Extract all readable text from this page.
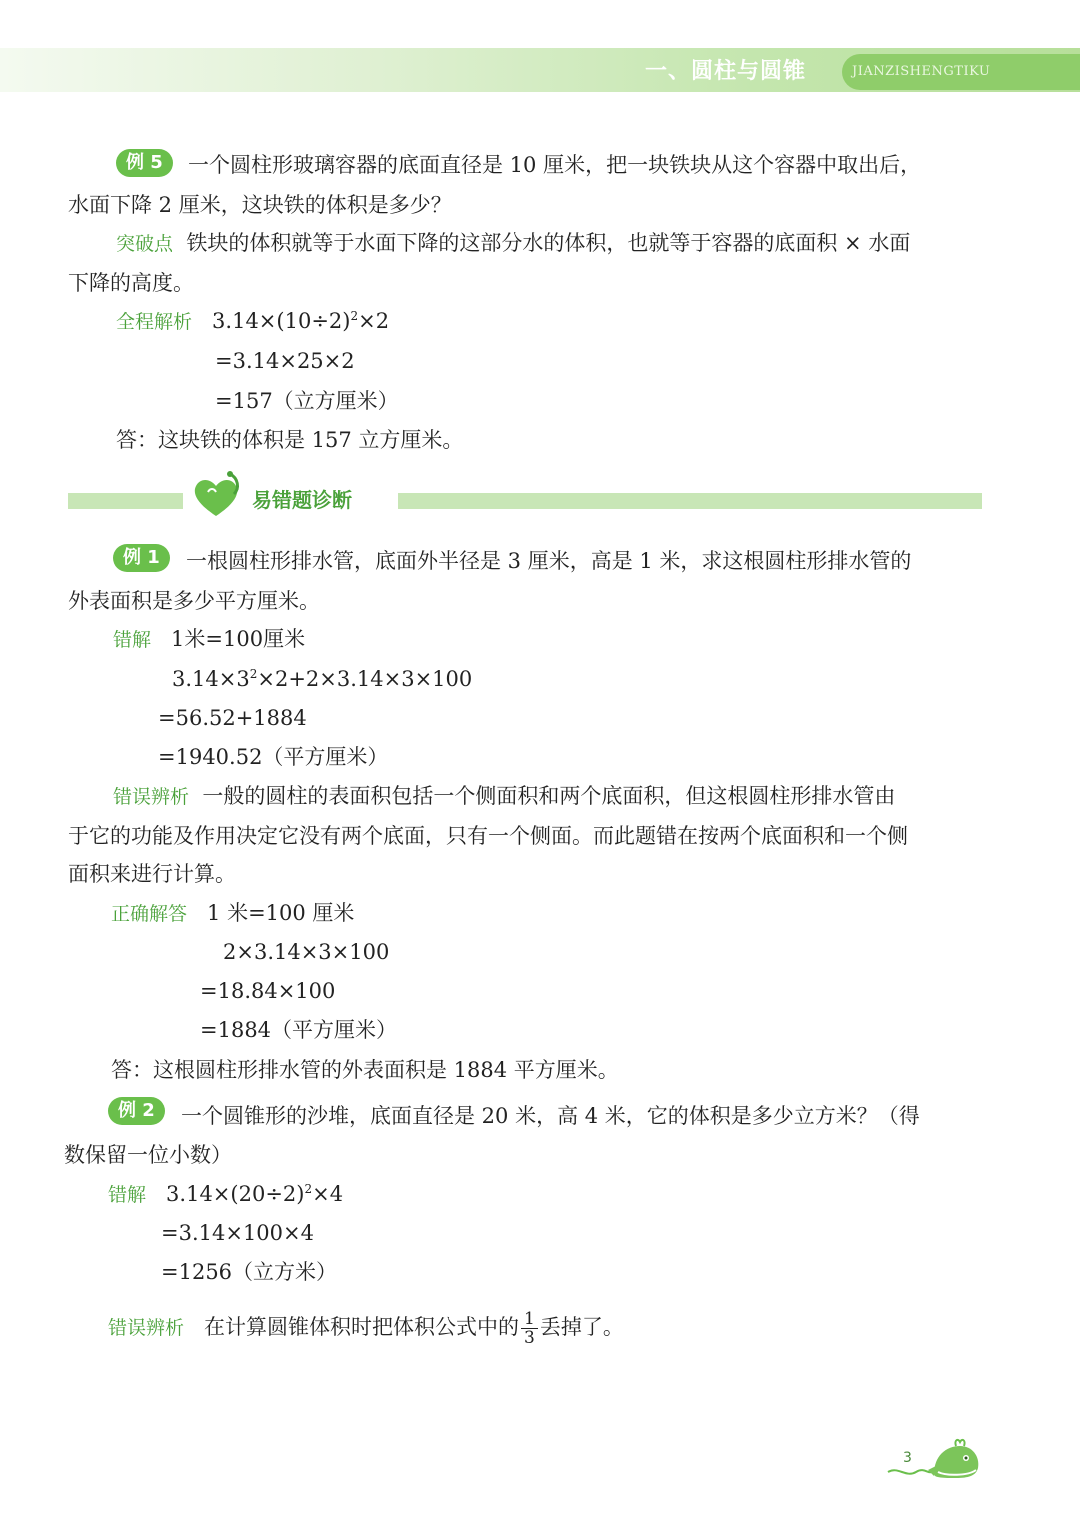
一、圆柱与圆锥	JIANZISHENGTIKU
例 5	一个圆柱形玻璃容器的底面直径是 10 厘米，把一块铁块从这个容器中取出后，
水面下降 2 厘米，这块铁的体积是多少？
突破点 铁块的体积就等于水面下降的这部分水的体积，也就等于容器的底面积 × 水面
下降的高度。
全程解析 $3.14\times(10\div 2)^2\times 2$
=3.14×25×2
=157（立方厘米）
答：这块铁的体积是 157 立方厘米。
易错题诊断
例 1	一根圆柱形排水管，底面外半径是 3 厘米，高是 1 米，求这根圆柱形排水管的
外表面积是多少平方厘米。
错解 1米=100厘米
$3.14\times 3^2\times 2+2\times 3.14\times 3\times 100$
=56.52+1884
=1940.52（平方厘米）
错误辨析 一般的圆柱的表面积包括一个侧面积和两个底面积，但这根圆柱形排水管由
于它的功能及作用决定它没有两个底面，只有一个侧面。而此题错在按两个底面积和一个侧
面积来进行计算。
正确解答 1 米=100 厘米
2×3.14×3×100
=18.84×100
=1884（平方厘米）
答：这根圆柱形排水管的外表面积是 1884 平方厘米。
例 2	一个圆锥形的沙堆，底面直径是 20 米，高 4 米，它的体积是多少立方米？（得
数保留一位小数）
错解 $3.14\times(20\div 2)^2\times 4$
=3.14×100×4
=1256（立方米）
错误辨析 在计算圆锥体积时把体积公式中的 $\frac{1}{3}$ 丢掉了。
3
